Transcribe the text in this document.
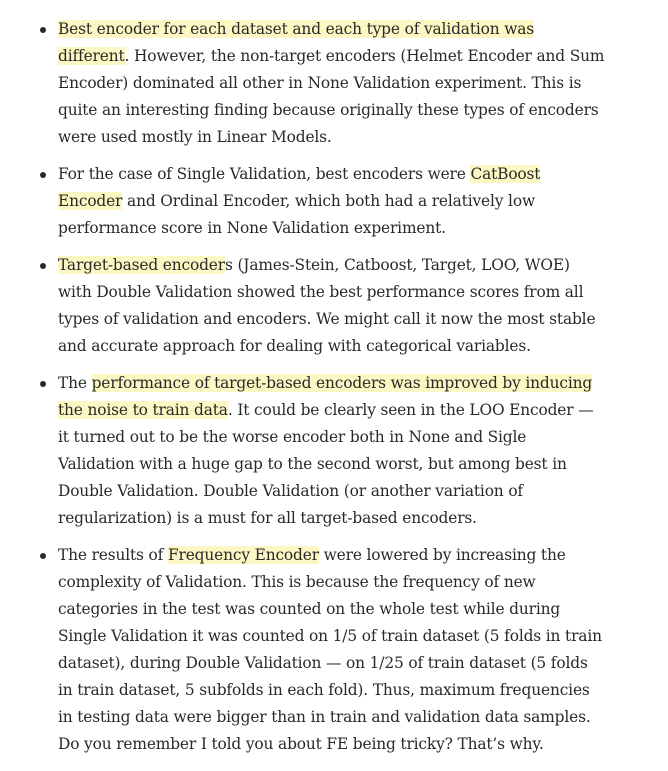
Best encoder for each dataset and each type of validation was different. However, the non-target encoders (Helmet Encoder and Sum Encoder) dominated all other in None Validation experiment. This is quite an interesting finding because originally these types of encoders were used mostly in Linear Models.
For the case of Single Validation, best encoders were CatBoost Encoder and Ordinal Encoder, which both had a relatively low performance score in None Validation experiment.
Target-based encoders (James-Stein, Catboost, Target, LOO, WOE) with Double Validation showed the best performance scores from all types of validation and encoders. We might call it now the most stable and accurate approach for dealing with categorical variables.
The performance of target-based encoders was improved by inducing the noise to train data. It could be clearly seen in the LOO Encoder — it turned out to be the worse encoder both in None and Sigle Validation with a huge gap to the second worst, but among best in Double Validation. Double Validation (or another variation of regularization) is a must for all target-based encoders.
The results of Frequency Encoder were lowered by increasing the complexity of Validation. This is because the frequency of new categories in the test was counted on the whole test while during Single Validation it was counted on 1/5 of train dataset (5 folds in train dataset), during Double Validation — on 1/25 of train dataset (5 folds in train dataset, 5 subfolds in each fold). Thus, maximum frequencies in testing data were bigger than in train and validation data samples. Do you remember I told you about FE being tricky? That’s why.
